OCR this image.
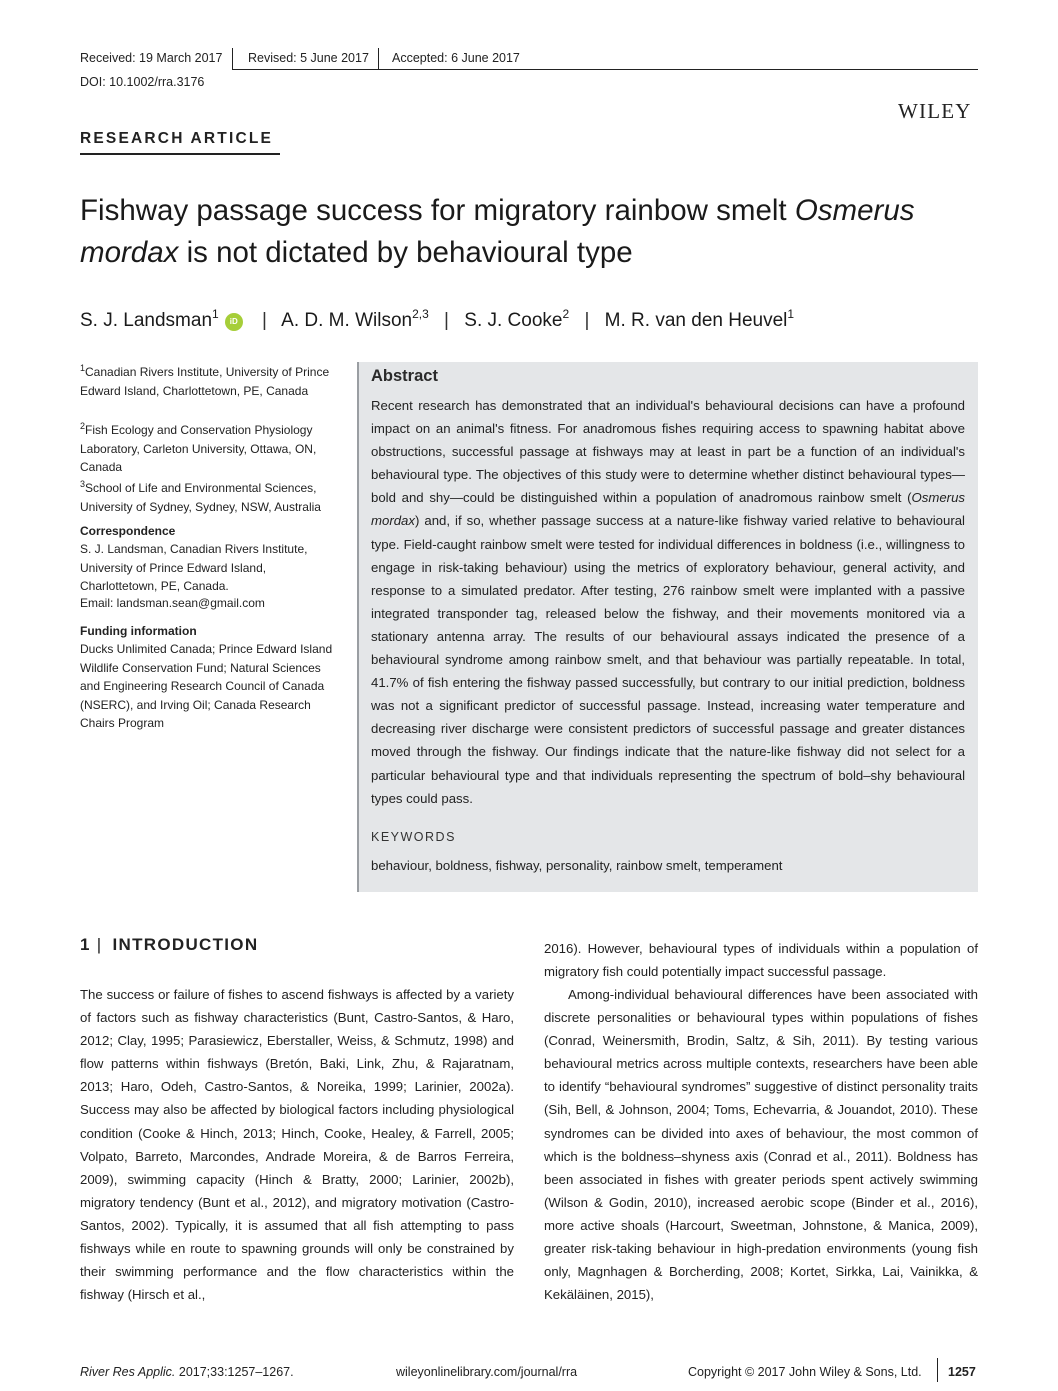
Received: 19 March 2017 Revised: 5 June 2017 Accepted: 6 June 2017
DOI: 10.1002/rra.3176
WILEY
RESEARCH ARTICLE
Fishway passage success for migratory rainbow smelt Osmerus mordax is not dictated by behavioural type
S. J. Landsman$^1$iD | A. D. M. Wilson$^{2,3}$ | S. J. Cooke$^2$ | M. R. van den Heuvel$^1$
$^1$Canadian Rivers Institute, University of Prince Edward Island, Charlottetown, PE, Canada
$^2$Fish Ecology and Conservation Physiology Laboratory, Carleton University, Ottawa, ON, Canada
$^3$School of Life and Environmental Sciences, University of Sydney, Sydney, NSW, Australia
Correspondence
S. J. Landsman, Canadian Rivers Institute, University of Prince Edward Island, Charlottetown, PE, Canada.
Email: landsman.sean@gmail.com
Funding information
Ducks Unlimited Canada; Prince Edward Island Wildlife Conservation Fund; Natural Sciences and Engineering Research Council of Canada (NSERC), and Irving Oil; Canada Research Chairs Program
Abstract

Recent research has demonstrated that an individual's behavioural decisions can have a profound impact on an animal's fitness. For anadromous fishes requiring access to spawning habitat above obstructions, successful passage at fishways may at least in part be a function of an individual's behavioural type. The objectives of this study were to determine whether distinct behavioural types—bold and shy—could be distinguished within a population of anadromous rainbow smelt (Osmerus mordax) and, if so, whether passage success at a nature-like fishway varied relative to behavioural type. Field-caught rainbow smelt were tested for individual differences in boldness (i.e., willingness to engage in risk-taking behaviour) using the metrics of exploratory behaviour, general activity, and response to a simulated predator. After testing, 276 rainbow smelt were implanted with a passive integrated transponder tag, released below the fishway, and their movements monitored via a stationary antenna array. The results of our behavioural assays indicated the presence of a behavioural syndrome among rainbow smelt, and that behaviour was partially repeatable. In total, 41.7% of fish entering the fishway passed successfully, but contrary to our initial prediction, boldness was not a significant predictor of successful passage. Instead, increasing water temperature and decreasing river discharge were consistent predictors of successful passage and greater distances moved through the fishway. Our findings indicate that the nature-like fishway did not select for a particular behavioural type and that individuals representing the spectrum of bold–shy behavioural types could pass.

KEYWORDS
behaviour, boldness, fishway, personality, rainbow smelt, temperament
1 | INTRODUCTION

The success or failure of fishes to ascend fishways is affected by a variety of factors such as fishway characteristics (Bunt, Castro-Santos, & Haro, 2012; Clay, 1995; Parasiewicz, Eberstaller, Weiss, & Schmutz, 1998) and flow patterns within fishways (Bretón, Baki, Link, Zhu, & Rajaratnam, 2013; Haro, Odeh, Castro-Santos, & Noreika, 1999; Larinier, 2002a). Success may also be affected by biological factors including physiological condition (Cooke & Hinch, 2013; Hinch, Cooke, Healey, & Farrell, 2005; Volpato, Barreto, Marcondes, Andrade Moreira, & de Barros Ferreira, 2009), swimming capacity (Hinch & Bratty, 2000; Larinier, 2002b), migratory tendency (Bunt et al., 2012), and migratory motivation (Castro-Santos, 2002). Typically, it is assumed that all fish attempting to pass fishways while en route to spawning grounds will only be constrained by their swimming performance and the flow characteristics within the fishway (Hirsch et al.,

2016). However, behavioural types of individuals within a population of migratory fish could potentially impact successful passage.

Among-individual behavioural differences have been associated with discrete personalities or behavioural types within populations of fishes (Conrad, Weinersmith, Brodin, Saltz, & Sih, 2011). By testing various behavioural metrics across multiple contexts, researchers have been able to identify “behavioural syndromes” suggestive of distinct personality traits (Sih, Bell, & Johnson, 2004; Toms, Echevarria, & Jouandot, 2010). These syndromes can be divided into axes of behaviour, the most common of which is the boldness–shyness axis (Conrad et al., 2011). Boldness has been associated in fishes with greater periods spent actively swimming (Wilson & Godin, 2010), increased aerobic scope (Binder et al., 2016), more active shoals (Harcourt, Sweetman, Johnstone, & Manica, 2009), greater risk-taking behaviour in high-predation environments (young fish only, Magnhagen & Borcherding, 2008; Kortet, Sirkka, Lai, Vainikka, & Kekäläinen, 2015),

River Res Applic. 2017;33:1257–1267.	wileyonlinelibrary.com/journal/rra	Copyright © 2017 John Wiley & Sons, Ltd. 1257
